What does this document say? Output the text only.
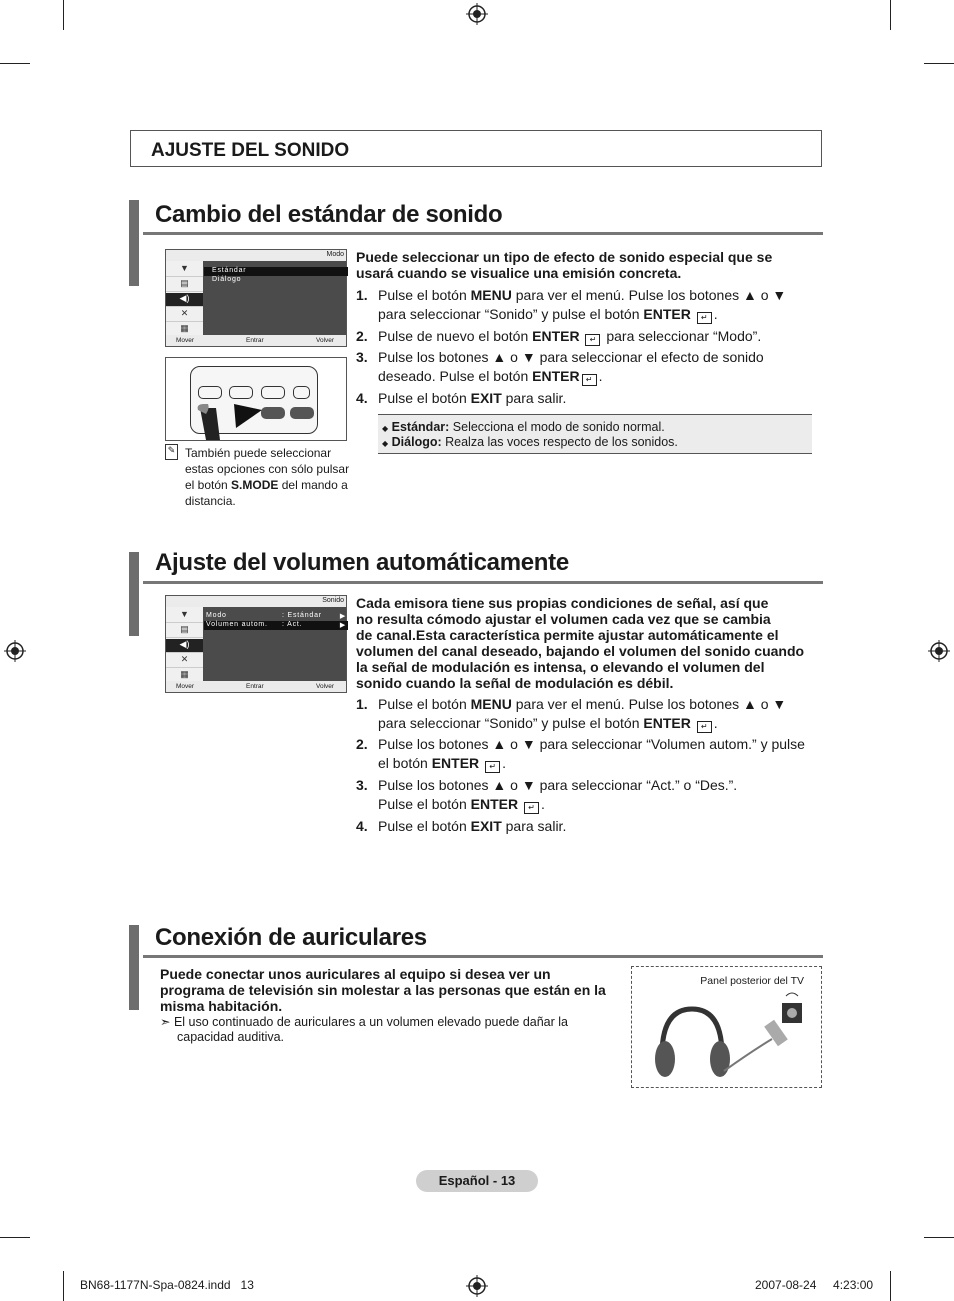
AJUSTE DEL SONIDO
Cambio del estándar de sonido
Modo
▼
▤
◀)
✕
▦
Estándar
Diálogo
Mover	Entrar	Volver
✎ También puede seleccionar estas opciones con sólo pulsar el botón S.MODE del mando a distancia.
Puede seleccionar un tipo de efecto de sonido especial que se usará cuando se visualice una emisión concreta.
1. Pulse el botón MENU para ver el menú. Pulse los botones ▲ o ▼
para seleccionar “Sonido” y pulse el botón ENTER ↵ .
2. Pulse de nuevo el botón ENTER ↵ para seleccionar “Modo”.
3. Pulse los botones ▲ o ▼ para seleccionar el efecto de sonido
deseado. Pulse el botón ENTER ↵ .
4. Pulse el botón EXIT para salir.
◆ Estándar: Selecciona el modo de sonido normal.
◆ Diálogo: Realza las voces respecto de los sonidos.
Ajuste del volumen automáticamente
Sonido
▼
▤
◀)
✕
▦
Modo	: Estándar	▶
Volumen autom. : Act.	▶
Mover	Entrar	Volver
Cada emisora tiene sus propias condiciones de señal, así que
no resulta cómodo ajustar el volumen cada vez que se cambia
de canal.Esta característica permite ajustar automáticamente el
volumen del canal deseado, bajando el volumen del sonido cuando
la señal de modulación es intensa, o elevando el volumen del
sonido cuando la señal de modulación es débil.
1. Pulse el botón MENU para ver el menú. Pulse los botones ▲ o ▼
para seleccionar “Sonido” y pulse el botón ENTER ↵ .
2. Pulse los botones ▲ o ▼ para seleccionar “Volumen autom.” y pulse
el botón ENTER ↵ .
3. Pulse los botones ▲ o ▼ para seleccionar “Act.” o “Des.”.
Pulse el botón ENTER ↵ .
4. Pulse el botón EXIT para salir.
Conexión de auriculares
Puede conectar unos auriculares al equipo si desea ver un
programa de televisión sin molestar a las personas que están en la
misma habitación.
➣ El uso continuado de auriculares a un volumen elevado puede dañar la
capacidad auditiva.
Panel posterior del TV
Español - 13
BN68-1177N-Spa-0824.indd   13	2007-08-24     4:23:00
